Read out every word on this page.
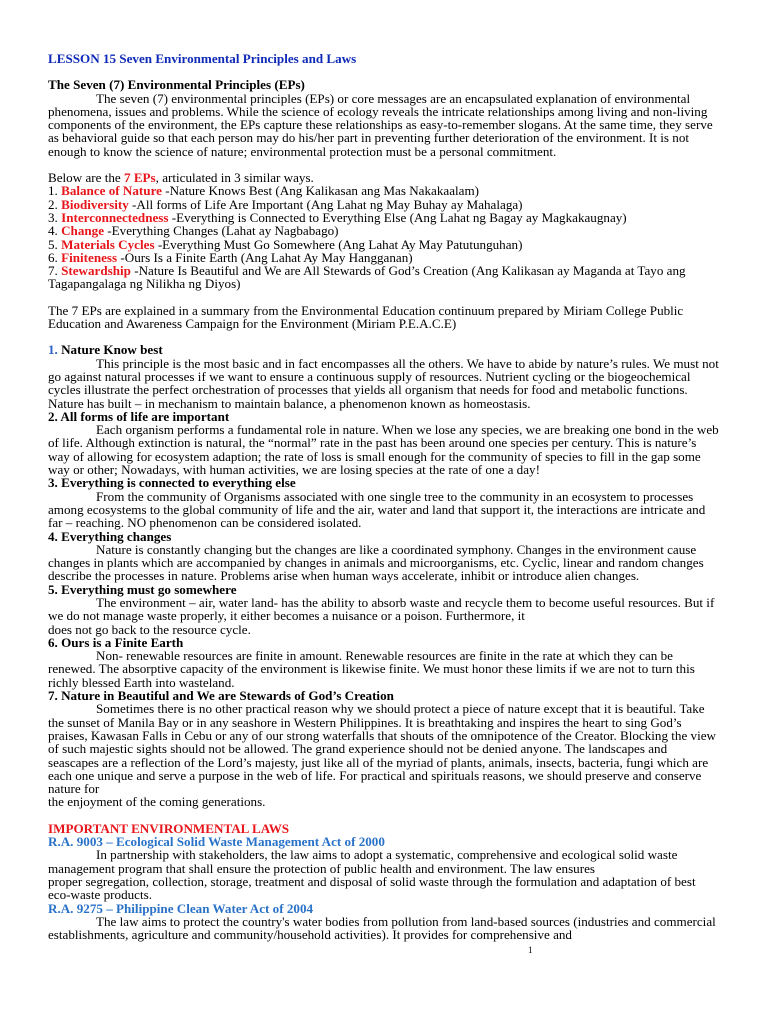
LESSON 15 Seven Environmental Principles and Laws

The Seven (7) Environmental Principles (EPs)

The seven (7) environmental principles (EPs) or core messages are an encapsulated explanation of environmental phenomena, issues and problems. While the science of ecology reveals the intricate relationships among living and non-living components of the environment, the EPs capture these relationships as easy-to-remember slogans. At the same time, they serve as behavioral guide so that each person may do his/her part in preventing further deterioration of the environment. It is not enough to know the science of nature; environmental protection must be a personal commitment.

Below are the 7 EPs, articulated in 3 similar ways.

1. Balance of Nature -Nature Knows Best (Ang Kalikasan ang Mas Nakakaalam)

2. Biodiversity -All forms of Life Are Important (Ang Lahat ng May Buhay ay Mahalaga)

3. Interconnectedness -Everything is Connected to Everything Else (Ang Lahat ng Bagay ay Magkakaugnay)

4. Change -Everything Changes (Lahat ay Nagbabago)

5. Materials Cycles -Everything Must Go Somewhere (Ang Lahat Ay May Patutunguhan)

6. Finiteness -Ours Is a Finite Earth (Ang Lahat Ay May Hangganan)

7. Stewardship -Nature Is Beautiful and We are All Stewards of God’s Creation (Ang Kalikasan ay Maganda at Tayo ang Tagapangalaga ng Nilikha ng Diyos)

The 7 EPs are explained in a summary from the Environmental Education continuum prepared by Miriam College Public Education and Awareness Campaign for the Environment (Miriam P.E.A.C.E)

1. Nature Know best

This principle is the most basic and in fact encompasses all the others. We have to abide by nature’s rules. We must not go against natural processes if we want to ensure a continuous supply of resources. Nutrient cycling or the biogeochemical cycles illustrate the perfect orchestration of processes that yields all organism that needs for food and metabolic functions. Nature has built – in mechanism to maintain balance, a phenomenon known as homeostasis.

2. All forms of life are important

Each organism performs a fundamental role in nature. When we lose any species, we are breaking one bond in the web of life. Although extinction is natural, the “normal” rate in the past has been around one species per century. This is nature’s way of allowing for ecosystem adaption; the rate of loss is small enough for the community of species to fill in the gap some way or other; Nowadays, with human activities, we are losing species at the rate of one a day!

3. Everything is connected to everything else

From the community of Organisms associated with one single tree to the community in an ecosystem to processes among ecosystems to the global community of life and the air, water and land that support it, the interactions are intricate and far – reaching. NO phenomenon can be considered isolated.

4. Everything changes

Nature is constantly changing but the changes are like a coordinated symphony. Changes in the environment cause changes in plants which are accompanied by changes in animals and microorganisms, etc. Cyclic, linear and random changes describe the processes in nature. Problems arise when human ways accelerate, inhibit or introduce alien changes.

5. Everything must go somewhere

The environment – air, water land- has the ability to absorb waste and recycle them to become useful resources. But if we do not manage waste properly, it either becomes a nuisance or a poison. Furthermore, it

does not go back to the resource cycle.

6. Ours is a Finite Earth

Non- renewable resources are finite in amount. Renewable resources are finite in the rate at which they can be renewed. The absorptive capacity of the environment is likewise finite. We must honor these limits if we are not to turn this richly blessed Earth into wasteland.

7. Nature in Beautiful and We are Stewards of God’s Creation

Sometimes there is no other practical reason why we should protect a piece of nature except that it is beautiful. Take the sunset of Manila Bay or in any seashore in Western Philippines. It is breathtaking and inspires the heart to sing God’s praises, Kawasan Falls in Cebu or any of our strong waterfalls that shouts of the omnipotence of the Creator. Blocking the view of such majestic sights should not be allowed. The grand experience should not be denied anyone. The landscapes and seascapes are a reflection of the Lord’s majesty, just like all of the myriad of plants, animals, insects, bacteria, fungi which are each one unique and serve a purpose in the web of life. For practical and spirituals reasons, we should preserve and conserve nature for

the enjoyment of the coming generations.

IMPORTANT ENVIRONMENTAL LAWS

R.A. 9003 – Ecological Solid Waste Management Act of 2000

In partnership with stakeholders, the law aims to adopt a systematic, comprehensive and ecological solid waste management program that shall ensure the protection of public health and environment. The law ensures

proper segregation, collection, storage, treatment and disposal of solid waste through the formulation and adaptation of best eco-waste products.

R.A. 9275 – Philippine Clean Water Act of 2004

The law aims to protect the country's water bodies from pollution from land-based sources (industries and commercial establishments, agriculture and community/household activities). It provides for comprehensive and

1
